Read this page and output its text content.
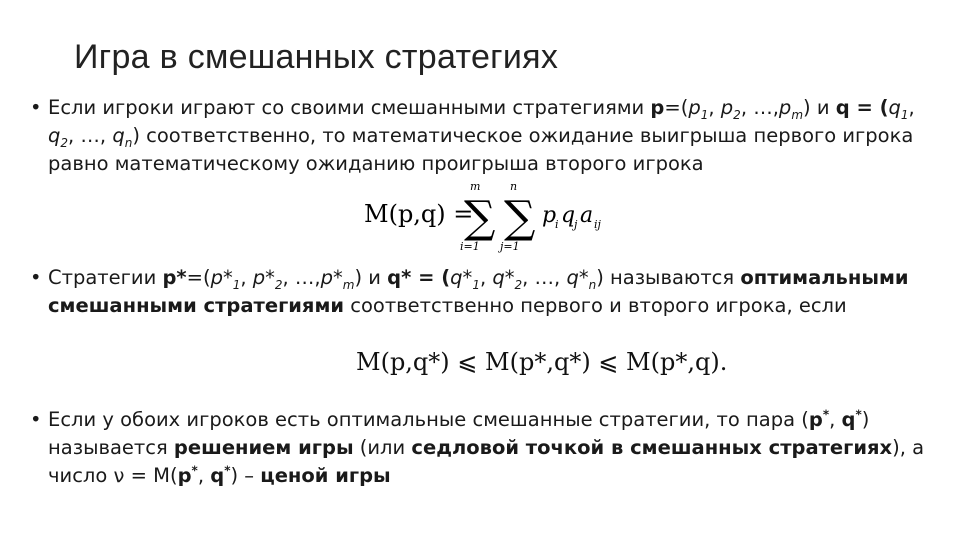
Игра в смешанных стратегиях
• Если игроки играют со своими смешанными стратегиями $p=(p_1$, $p_2$, $\dots,p_m$) и $q = (q_1$, $q_2$, …, $q_n$) соответственно, то математическое ожидание выигрыша первого игрока равно математическому ожиданию проигрыша второго игрока
M(p,q) =
m
∑
i=1
n
∑
j=1
p
i q
j a ij
• Стратегии $p*=(p*_1$, $p*_2$, $\dots,p*_m$) и $q* = (q*_1$, $q*_2$, …, $q*_n$) называются оптимальными смешанными стратегиями соответственно первого и второго игрока, если
M(p,q*) ⩽ M(p*,q*) ⩽ M(p*,q).
• Если у обоих игроков есть оптимальные смешанные стратегии, то пара (p*, q*) называется решением игры (или седловой точкой в смешанных стратегиях), а число ν = M(p*, q*) – ценой игры
